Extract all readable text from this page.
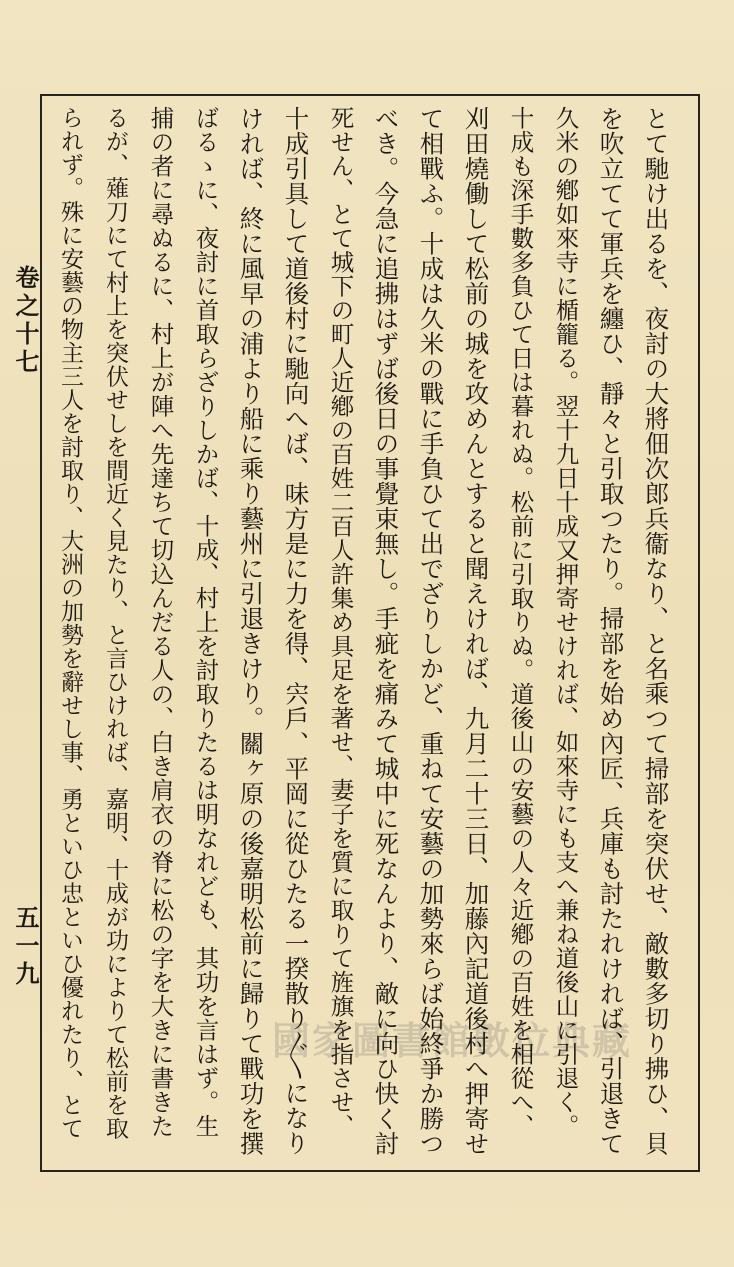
卷之十七
五一九
國家圖書館數位典藏 とて馳け出るを、夜討の大將佃次郎兵衞なり、と名乘つて掃部を突伏せ、敵數多切り拂ひ、貝
を吹立てて軍兵を纏ひ、靜々と引取つたり。掃部を始め內匠、兵庫も討たれければ、引退きて
久米の鄕如來寺に楯籠る。翌十九日十成又押寄せければ、如來寺にも支へ兼ね道後山に引退く。
十成も深手數多負ひて日は暮れぬ。松前に引取りぬ。道後山の安藝の人々近鄕の百姓を相從へ、
刈田燒働して松前の城を攻めんとすると聞えければ、九月二十三日、加藤內記道後村へ押寄せ
て相戰ふ。十成は久米の戰に手負ひて出でざりしかど、重ねて安藝の加勢來らば始終爭か勝つ
べき。今急に追拂はずば後日の事覺束無し。手疵を痛みて城中に死なんより、敵に向ひ快く討
死せん、とて城下の町人近鄕の百姓二百人許集め具足を著せ、妻子を質に取りて旌旗を指させ、
十成引具して道後村に馳向へば、味方是に力を得、宍戶、平岡に從ひたる一揆散り〴〵になり
ければ、終に風早の浦より船に乘り藝州に引退きけり。關ヶ原の後嘉明松前に歸りて戰功を撰
ばるゝに、夜討に首取らざりしかば、十成、村上を討取りたるは明なれども、其功を言はず。生
捕の者に尋ぬるに、村上が陣へ先達ちて切込んだる人の、白き肩衣の脊に松の字を大きに書きた
るが、薙刀にて村上を突伏せしを間近く見たり、と言ひければ、嘉明、十成が功によりて松前を取
られず。殊に安藝の物主三人を討取り、大洲の加勢を辭せし事、勇といひ忠といひ優れたり、とて
